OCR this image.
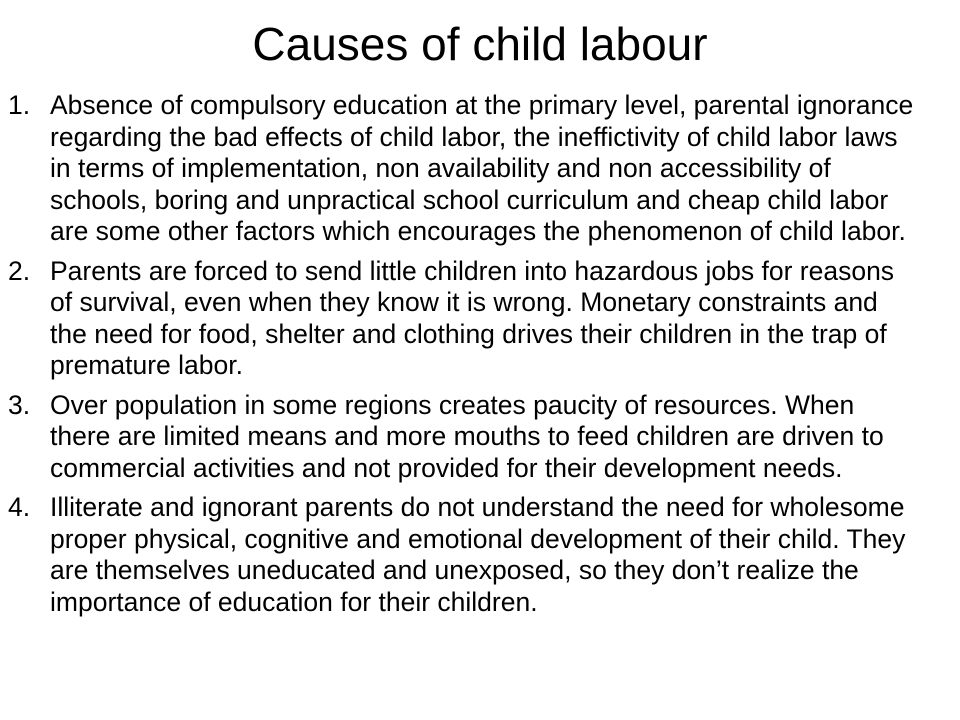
Causes of child labour
1. Absence of compulsory education at the primary level, parental ignorance regarding the bad effects of child labor, the ineffictivity of child labor laws in terms of implementation, non availability and non accessibility of schools, boring and unpractical school curriculum and cheap child labor are some other factors which encourages the phenomenon of child labor.
2. Parents are forced to send little children into hazardous jobs for reasons of survival, even when they know it is wrong. Monetary constraints and the need for food, shelter and clothing drives their children in the trap of premature labor.
3. Over population in some regions creates paucity of resources. When there are limited means and more mouths to feed children are driven to commercial activities and not provided for their development needs.
4. Illiterate and ignorant parents do not understand the need for wholesome proper physical, cognitive and emotional development of their child. They are themselves uneducated and unexposed, so they don’t realize the importance of education for their children.
